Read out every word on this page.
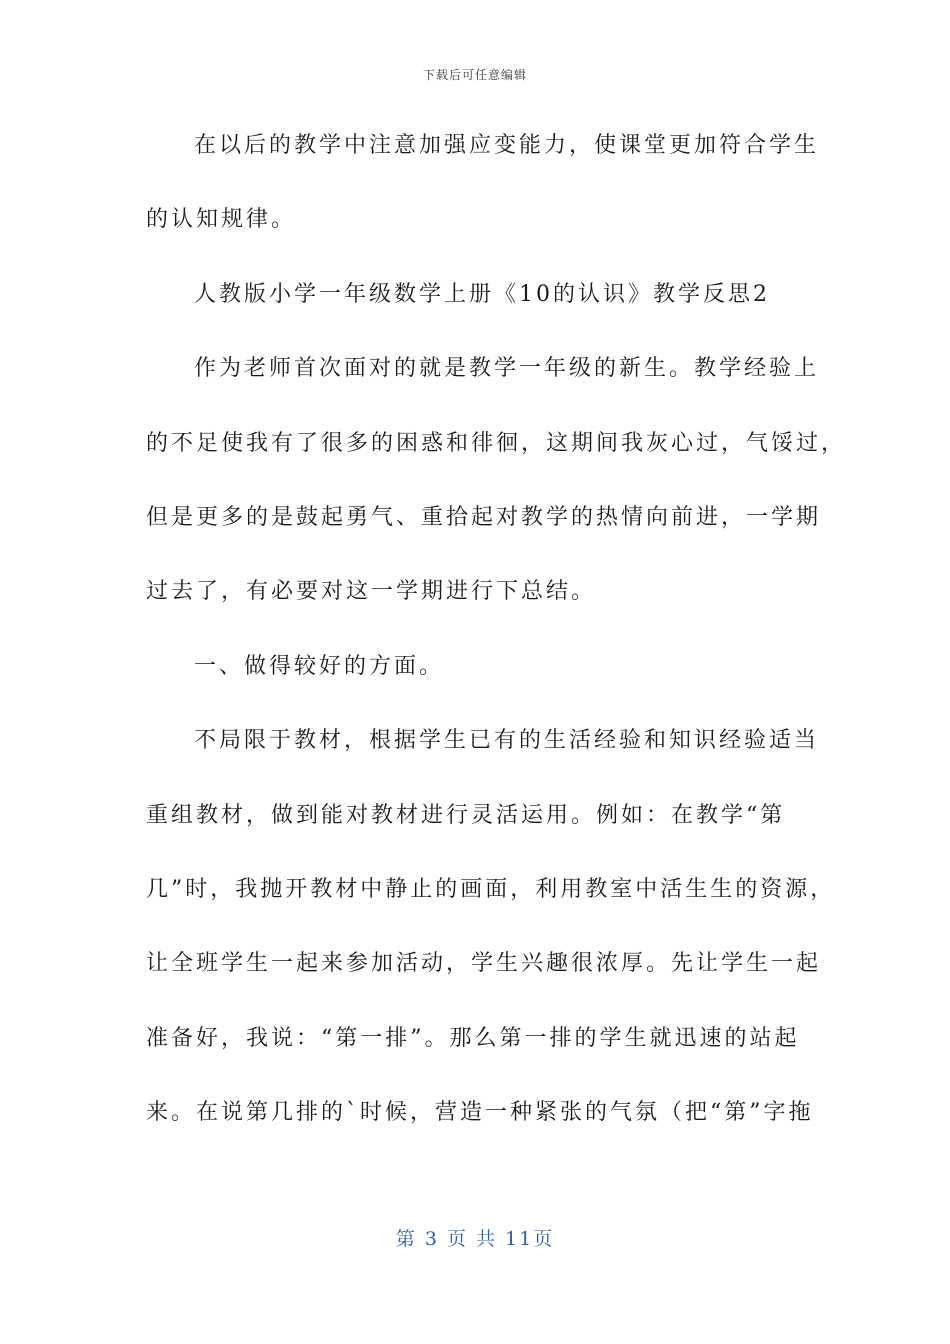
下载后可任意编辑
在以后的教学中注意加强应变能力，使课堂更加符合学生
的认知规律。
人教版小学一年级数学上册《10的认识》教学反思2
作为老师首次面对的就是教学一年级的新生。教学经验上
的不足使我有了很多的困惑和徘徊，这期间我灰心过，气馁过，
但是更多的是鼓起勇气、重拾起对教学的热情向前进，一学期
过去了，有必要对这一学期进行下总结。
一、做得较好的方面。
不局限于教材，根据学生已有的生活经验和知识经验适当
重组教材，做到能对教材进行灵活运用。例如：在教学“第
几”时，我抛开教材中静止的画面，利用教室中活生生的资源，
让全班学生一起来参加活动，学生兴趣很浓厚。先让学生一起
准备好，我说：“第一排”。那么第一排的学生就迅速的站起
来。在说第几排的`时候，营造一种紧张的气氛（把“第”字拖
第 3 页 共 11页
